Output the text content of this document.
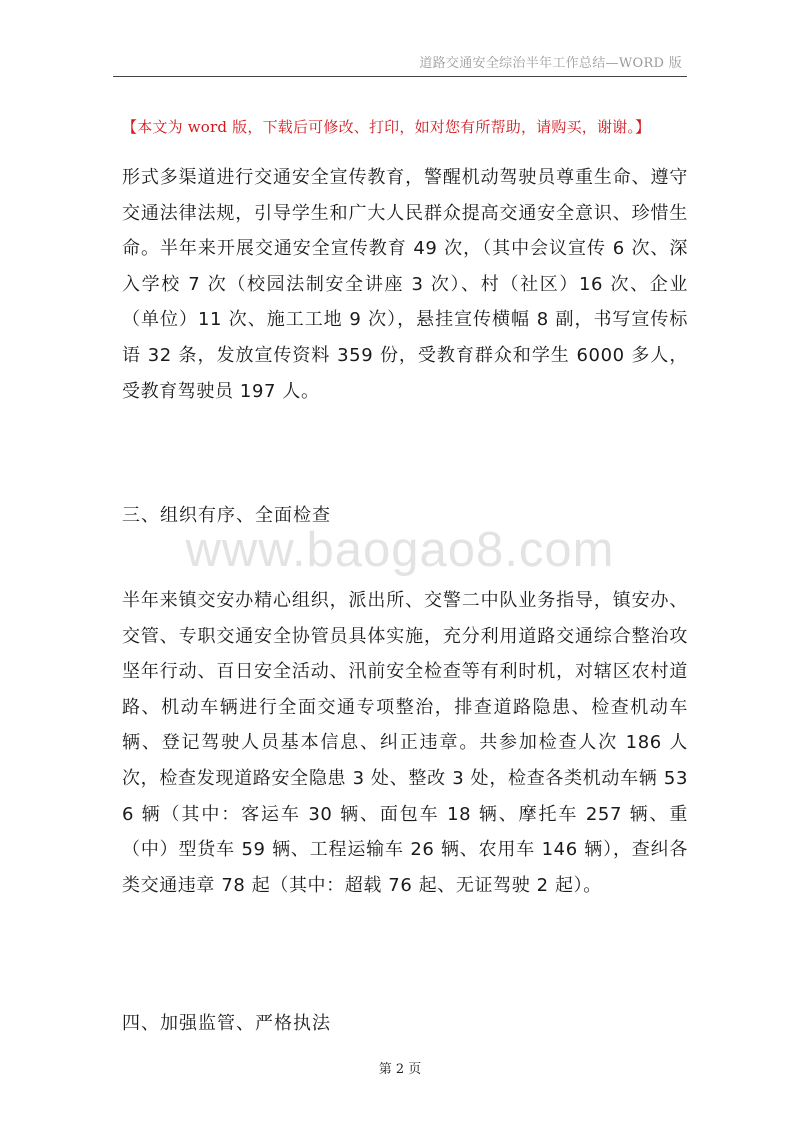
道路交通安全综治半年工作总结—WORD 版
【本文为 word 版，下载后可修改、打印，如对您有所帮助，请购买，谢谢。】
形式多渠道进行交通安全宣传教育，警醒机动驾驶员尊重生命、遵守交通法律法规，引导学生和广大人民群众提高交通安全意识、珍惜生命。半年来开展交通安全宣传教育 49 次，（其中会议宣传 6 次、深入学校 7 次（校园法制安全讲座 3 次）、村（社区）16 次、企业（单位）11 次、施工工地 9 次），悬挂宣传横幅 8 副，书写宣传标语 32 条，发放宣传资料 359 份，受教育群众和学生 6000 多人，受教育驾驶员 197 人。
三、组织有序、全面检查
www.baogao8.com
半年来镇交安办精心组织，派出所、交警二中队业务指导，镇安办、交管、专职交通安全协管员具体实施，充分利用道路交通综合整治攻坚年行动、百日安全活动、汛前安全检查等有利时机，对辖区农村道路、机动车辆进行全面交通专项整治，排查道路隐患、检查机动车辆、登记驾驶人员基本信息、纠正违章。共参加检查人次 186 人次，检查发现道路安全隐患 3 处、整改 3 处，检查各类机动车辆 536 辆（其中：客运车 30 辆、面包车 18 辆、摩托车 257 辆、重（中）型货车 59 辆、工程运输车 26 辆、农用车 146 辆），查纠各类交通违章 78 起（其中：超载 76 起、无证驾驶 2 起）。
四、加强监管、严格执法
第 2 页
